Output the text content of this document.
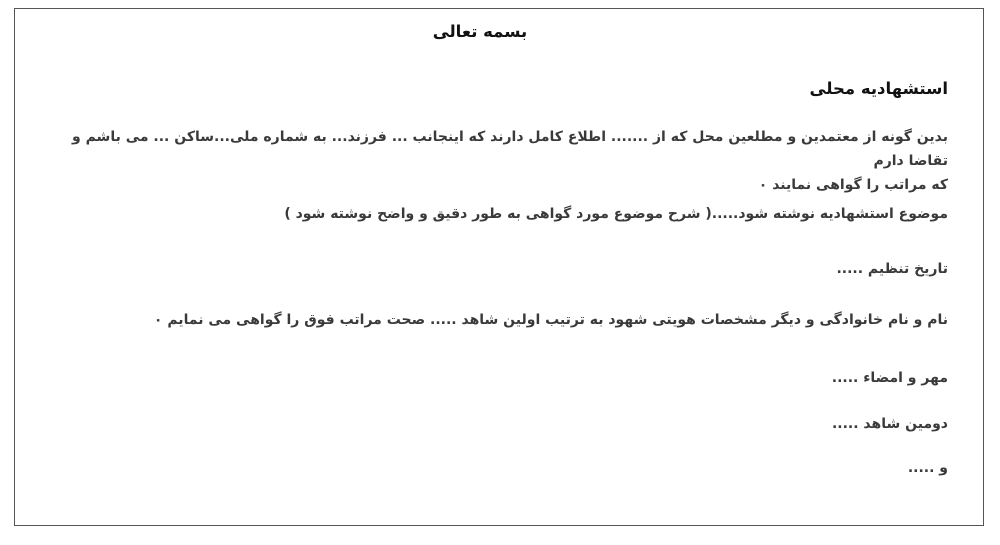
بسمه تعالی
استشهادیه محلی
بدین گونه از معتمدین و مطلعین محل که از ....... اطلاع کامل دارند که اینجانب ... فرزند... به شماره ملی...ساکن ... می باشم و تقاضا دارم
که مراتب را گواهی نمایند ۰
موضوع استشهادیه نوشته شود.....( شرح موضوع مورد گواهی به طور دقیق و واضح نوشته شود )
تاریخ تنظیم .....
نام و نام خانوادگی و دیگر مشخصات هویتی شهود به ترتیب اولین شاهد ..... صحت مراتب فوق را گواهی می نمایم ۰
مهر و امضاء .....
دومین شاهد .....
و .....
